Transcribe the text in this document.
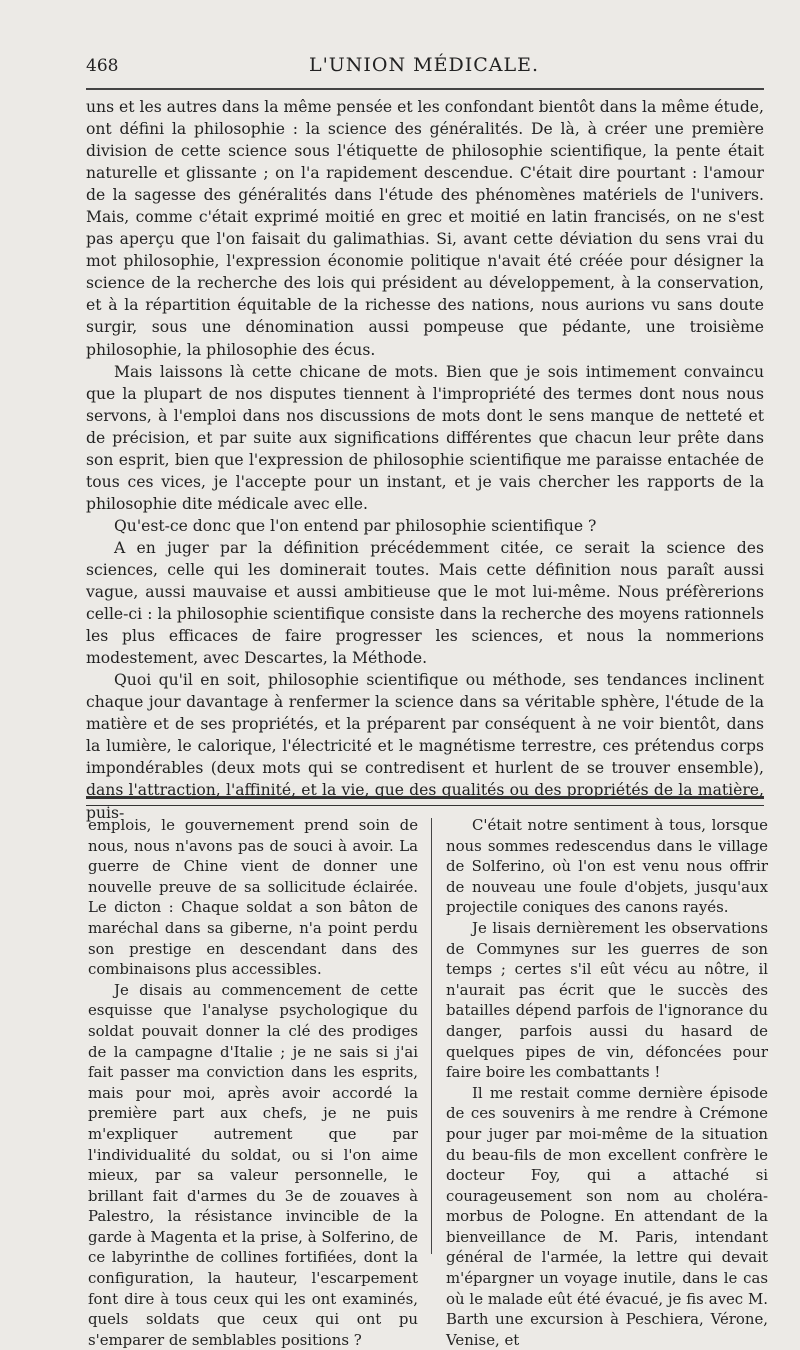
468	L'UNION MÉDICALE.

uns et les autres dans la même pensée et les confondant bientôt dans la même étude, ont défini la philosophie : la science des généralités. De là, à créer une première division de cette science sous l'étiquette de philosophie scientifique, la pente était naturelle et glissante ; on l'a rapidement descendue. C'était dire pourtant : l'amour de la sagesse des généralités dans l'étude des phénomènes matériels de l'univers. Mais, comme c'était exprimé moitié en grec et moitié en latin francisés, on ne s'est pas aperçu que l'on faisait du galimathias. Si, avant cette déviation du sens vrai du mot philosophie, l'expression économie politique n'avait été créée pour désigner la science de la recherche des lois qui président au développement, à la conservation, et à la répartition équitable de la richesse des nations, nous aurions vu sans doute surgir, sous une dénomination aussi pompeuse que pédante, une troisième philosophie, la philosophie des écus.

Mais laissons là cette chicane de mots. Bien que je sois intimement convaincu que la plupart de nos disputes tiennent à l'impropriété des termes dont nous nous servons, à l'emploi dans nos discussions de mots dont le sens manque de netteté et de précision, et par suite aux significations différentes que chacun leur prête dans son esprit, bien que l'expression de philosophie scientifique me paraisse entachée de tous ces vices, je l'accepte pour un instant, et je vais chercher les rapports de la philosophie dite médicale avec elle.

Qu'est-ce donc que l'on entend par philosophie scientifique ?

A en juger par la définition précédemment citée, ce serait la science des sciences, celle qui les dominerait toutes. Mais cette définition nous paraît aussi vague, aussi mauvaise et aussi ambitieuse que le mot lui-même. Nous préfèrerions celle-ci : la philosophie scientifique consiste dans la recherche des moyens rationnels les plus efficaces de faire progresser les sciences, et nous la nommerions modestement, avec Descartes, la Méthode.

Quoi qu'il en soit, philosophie scientifique ou méthode, ses tendances inclinent chaque jour davantage à renfermer la science dans sa véritable sphère, l'étude de la matière et de ses propriétés, et la préparent par conséquent à ne voir bientôt, dans la lumière, le calorique, l'électricité et le magnétisme terrestre, ces prétendus corps impondérables (deux mots qui se contredisent et hurlent de se trouver ensemble), dans l'attraction, l'affinité, et la vie, que des qualités ou des propriétés de la matière, puis-

emplois, le gouvernement prend soin de nous, nous n'avons pas de souci à avoir. La guerre de Chine vient de donner une nouvelle preuve de sa sollicitude éclairée. Le dicton : Chaque soldat a son bâton de maréchal dans sa giberne, n'a point perdu son prestige en descendant dans des combinaisons plus accessibles.

Je disais au commencement de cette esquisse que l'analyse psychologique du soldat pouvait donner la clé des prodiges de la campagne d'Italie ; je ne sais si j'ai fait passer ma conviction dans les esprits, mais pour moi, après avoir accordé la première part aux chefs, je ne puis m'expliquer autrement que par l'individualité du soldat, ou si l'on aime mieux, par sa valeur personnelle, le brillant fait d'armes du 3e de zouaves à Palestro, la résistance invincible de la garde à Magenta et la prise, à Solferino, de ce labyrinthe de collines fortifiées, dont la configuration, la hauteur, l'escarpement font dire à tous ceux qui les ont examinés, quels soldats que ceux qui ont pu s'emparer de semblables positions ?

C'était notre sentiment à tous, lorsque nous sommes redescendus dans le village de Solferino, où l'on est venu nous offrir de nouveau une foule d'objets, jusqu'aux projectile coniques des canons rayés.

Je lisais dernièrement les observations de Commynes sur les guerres de son temps ; certes s'il eût vécu au nôtre, il n'aurait pas écrit que le succès des batailles dépend parfois de l'ignorance du danger, parfois aussi du hasard de quelques pipes de vin, défoncées pour faire boire les combattants !

Il me restait comme dernière épisode de ces souvenirs à me rendre à Crémone pour juger par moi-même de la situation du beau-fils de mon excellent confrère le docteur Foy, qui a attaché si courageusement son nom au choléra-morbus de Pologne. En attendant de la bienveillance de M. Paris, intendant général de l'armée, la lettre qui devait m'épargner un voyage inutile, dans le cas où le malade eût été évacué, je fis avec M. Barth une excursion à Peschiera, Vérone, Venise, et
